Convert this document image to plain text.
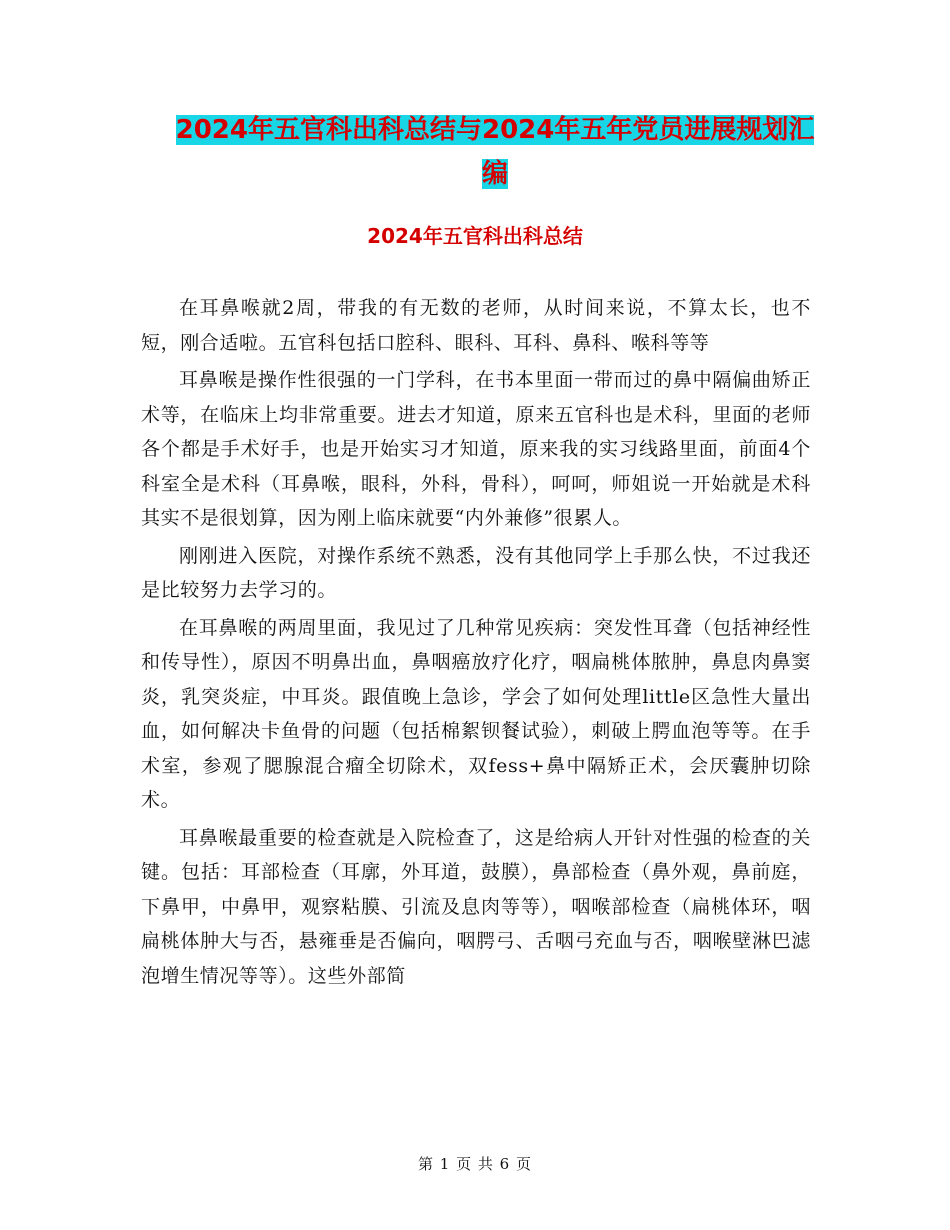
2024年五官科出科总结与2024年五年党员进展规划汇
编
2024年五官科出科总结

在耳鼻喉就2周，带我的有无数的老师，从时间来说，不算太长，也不短，刚合适啦。五官科包括口腔科、眼科、耳科、鼻科、喉科等等

耳鼻喉是操作性很强的一门学科，在书本里面一带而过的鼻中隔偏曲矫正术等，在临床上均非常重要。进去才知道，原来五官科也是术科，里面的老师各个都是手术好手，也是开始实习才知道，原来我的实习线路里面，前面4个科室全是术科（耳鼻喉，眼科，外科，骨科），呵呵，师姐说一开始就是术科其实不是很划算，因为刚上临床就要“内外兼修”很累人。

刚刚进入医院，对操作系统不熟悉，没有其他同学上手那么快，不过我还是比较努力去学习的。

在耳鼻喉的两周里面，我见过了几种常见疾病：突发性耳聋（包括神经性和传导性），原因不明鼻出血，鼻咽癌放疗化疗，咽扁桃体脓肿，鼻息肉鼻窦炎，乳突炎症，中耳炎。跟值晚上急诊，学会了如何处理little区急性大量出血，如何解决卡鱼骨的问题（包括棉絮钡餐试验），刺破上腭血泡等等。在手术室，参观了腮腺混合瘤全切除术，双fess+鼻中隔矫正术，会厌囊肿切除术。

耳鼻喉最重要的检查就是入院检查了，这是给病人开针对性强的检查的关键。包括：耳部检查（耳廓，外耳道，鼓膜），鼻部检查（鼻外观，鼻前庭，下鼻甲，中鼻甲，观察粘膜、引流及息肉等等），咽喉部检查（扁桃体环，咽扁桃体肿大与否，悬雍垂是否偏向，咽腭弓、舌咽弓充血与否，咽喉壁淋巴滤泡增生情况等等）。这些外部简

第 1 页 共 6 页
